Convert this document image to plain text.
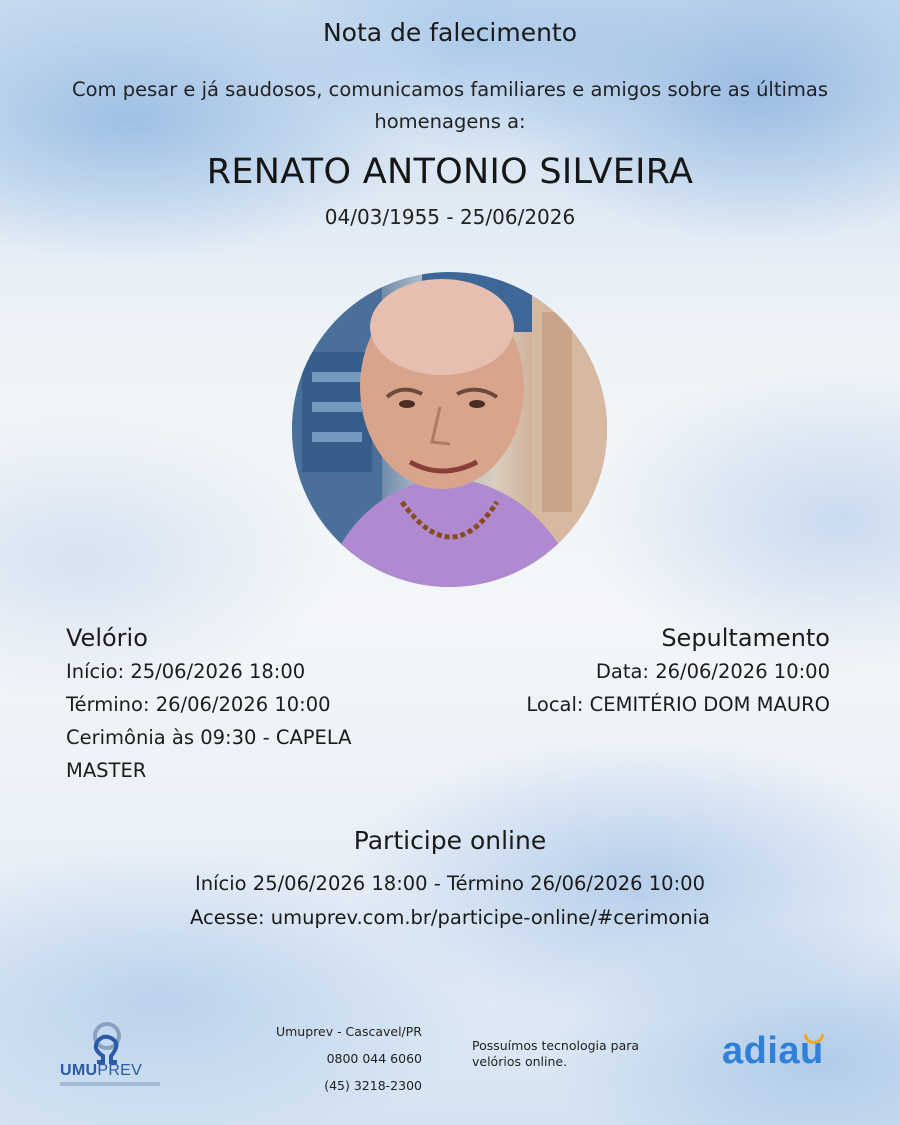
Nota de falecimento
Com pesar e já saudosos, comunicamos familiares e amigos sobre as últimas homenagens a:
RENATO ANTONIO SILVEIRA
04/03/1955 - 25/06/2026
Velório
Início: 25/06/2026 18:00
Término: 26/06/2026 10:00
Cerimônia às 09:30 - CAPELA MASTER
Sepultamento
Data: 26/06/2026 10:00
Local: CEMITÉRIO DOM MAURO
Participe online
Início 25/06/2026 18:00 - Término 26/06/2026 10:00
Acesse: umuprev.com.br/participe-online/#cerimonia
UMUPREV
Umuprev - Cascavel/PR
0800 044 6060
(45) 3218-2300
Possuímos tecnologia para velórios online.	adiau
